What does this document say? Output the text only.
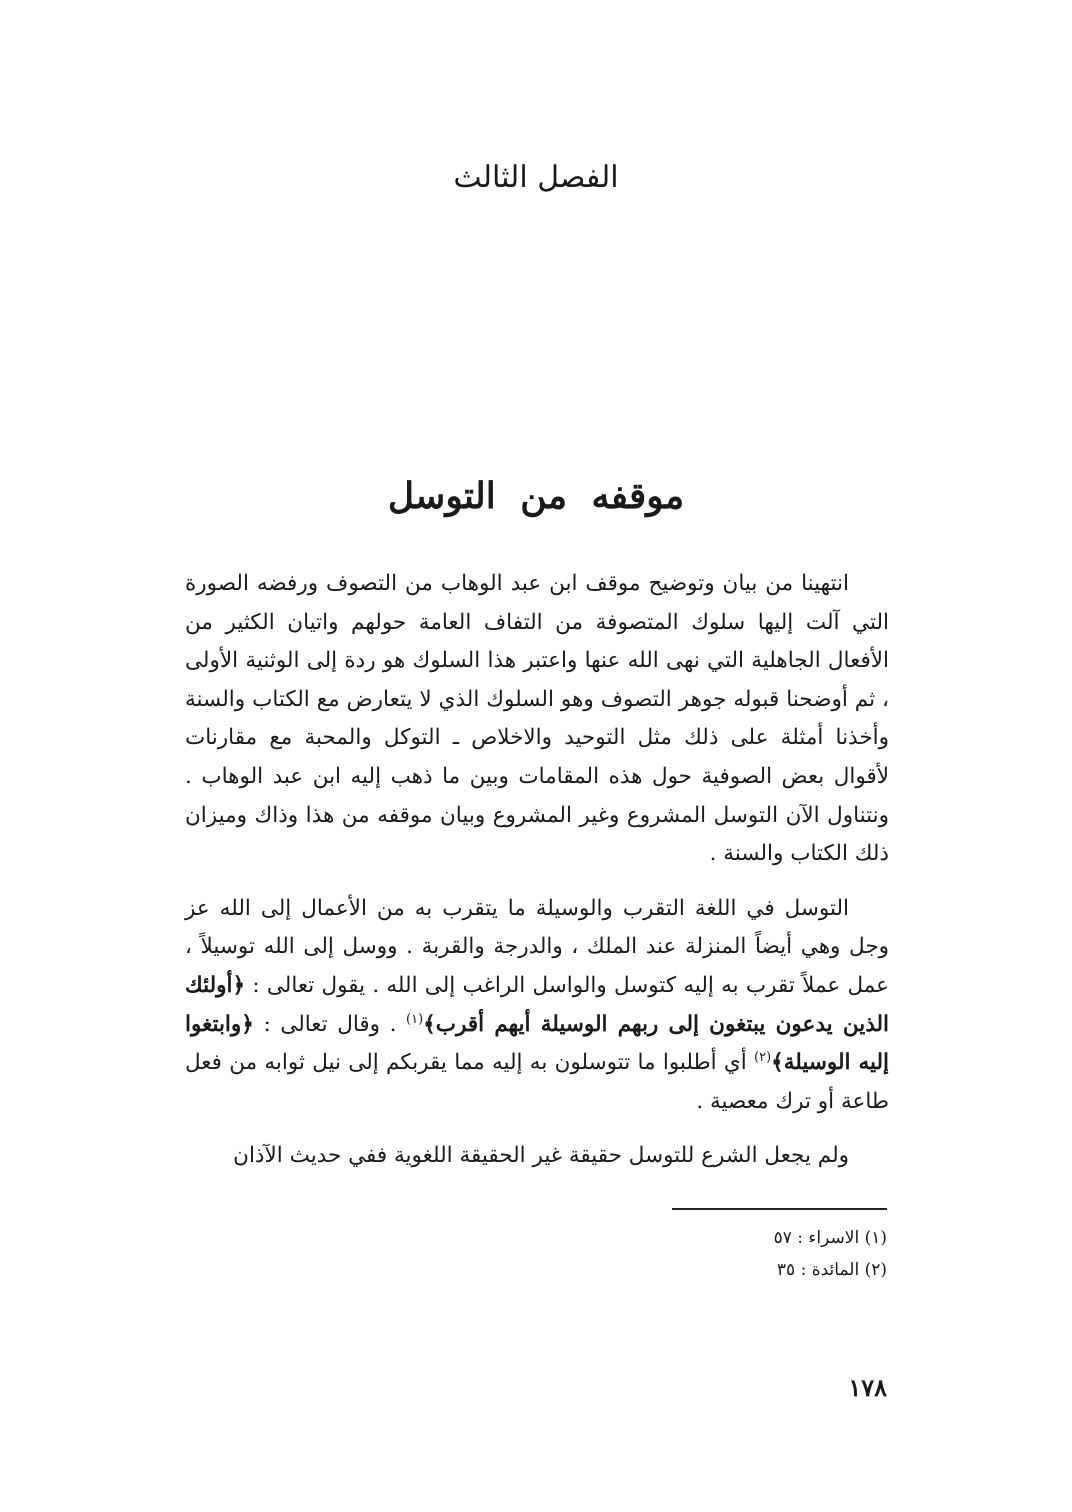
الفصل الثالث
موقفه من التوسل

انتهينا من بيان وتوضيح موقف ابن عبد الوهاب من التصوف ورفضه الصورة التي آلت إليها سلوك المتصوفة من التفاف العامة حولهم واتيان الكثير من الأفعال الجاهلية التي نهى الله عنها واعتبر هذا السلوك هو ردة إلى الوثنية الأولى ، ثم أوضحنا قبوله جوهر التصوف وهو السلوك الذي لا يتعارض مع الكتاب والسنة وأخذنا أمثلة على ذلك مثل التوحيد والاخلاص ـ التوكل والمحبة مع مقارنات لأقوال بعض الصوفية حول هذه المقامات وبين ما ذهب إليه ابن عبد الوهاب . ونتناول الآن التوسل المشروع وغير المشروع وبيان موقفه من هذا وذاك وميزان ذلك الكتاب والسنة .

التوسل في اللغة التقرب والوسيلة ما يتقرب به من الأعمال إلى الله عز وجل وهي أيضاً المنزلة عند الملك ، والدرجة والقربة . ووسل إلى الله توسيلاً ، عمل عملاً تقرب به إليه كتوسل والواسل الراغب إلى الله . يقول تعالى : ﴿أولئك الذين يدعون يبتغون إلى ربهم الوسيلة أيهم أقرب﴾$^{(١)}$ . وقال تعالى : ﴿وابتغوا إليه الوسيلة﴾$^{(٢)}$ أي أطلبوا ما تتوسلون به إليه مما يقربكم إلى نيل ثوابه من فعل طاعة أو ترك معصية .

ولم يجعل الشرع للتوسل حقيقة غير الحقيقة اللغوية ففي حديث الآذان

(١) الاسراء : ٥٧
(٢) المائدة : ٣٥
١٧٨
